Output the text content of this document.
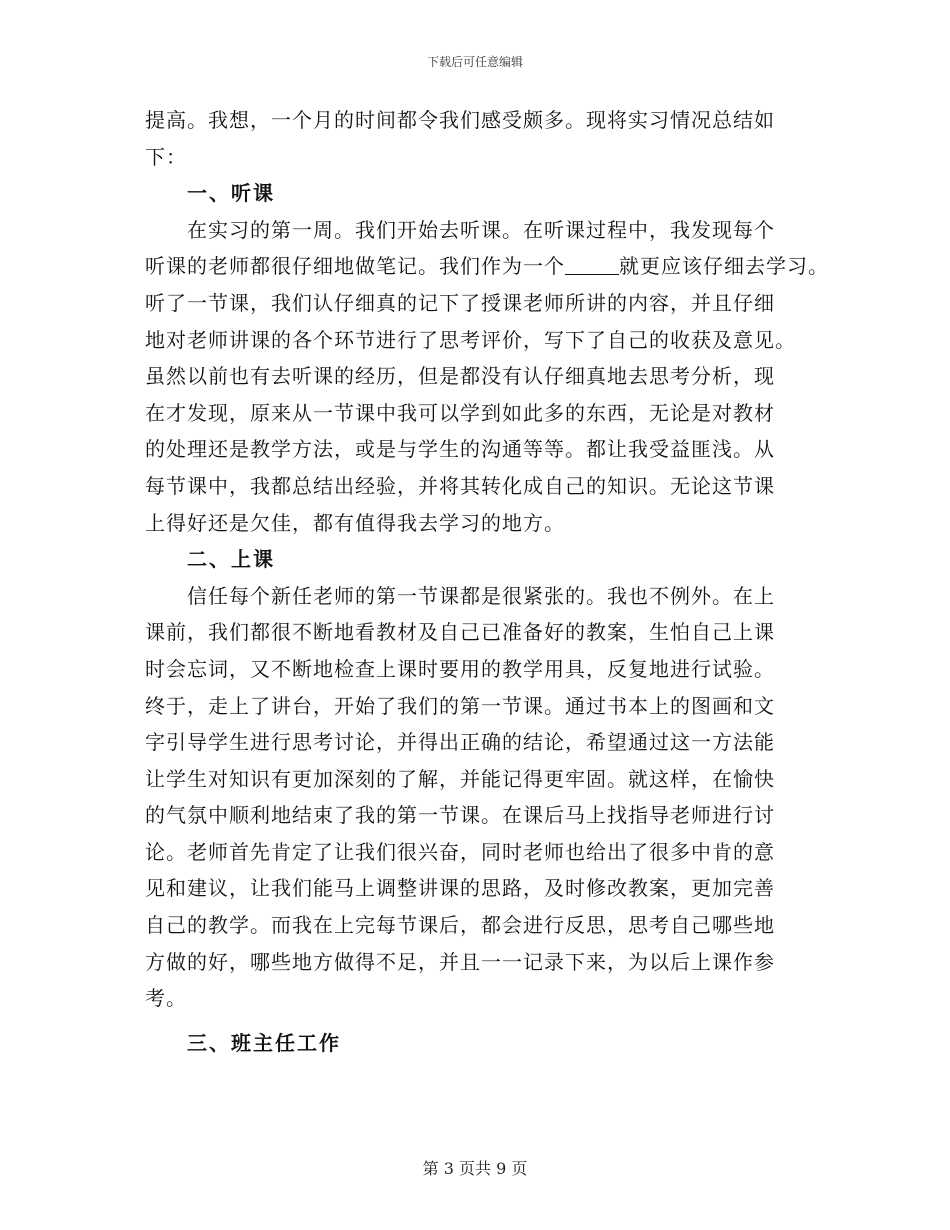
下载后可任意编辑
提高。我想，一个月的时间都令我们感受颇多。现将实习情况总结如
下：
一、听课
在实习的第一周。我们开始去听课。在听课过程中，我发现每个
听课的老师都很仔细地做笔记。我们作为一个	就更应该仔细去学习。
听了一节课，我们认仔细真的记下了授课老师所讲的内容，并且仔细
地对老师讲课的各个环节进行了思考评价，写下了自己的收获及意见。
虽然以前也有去听课的经历，但是都没有认仔细真地去思考分析，现
在才发现，原来从一节课中我可以学到如此多的东西，无论是对教材
的处理还是教学方法，或是与学生的沟通等等。都让我受益匪浅。从
每节课中，我都总结出经验，并将其转化成自己的知识。无论这节课
上得好还是欠佳，都有值得我去学习的地方。
二、上课
信任每个新任老师的第一节课都是很紧张的。我也不例外。在上
课前，我们都很不断地看教材及自己已准备好的教案，生怕自己上课
时会忘词，又不断地检查上课时要用的教学用具，反复地进行试验。
终于，走上了讲台，开始了我们的第一节课。通过书本上的图画和文
字引导学生进行思考讨论，并得出正确的结论，希望通过这一方法能
让学生对知识有更加深刻的了解，并能记得更牢固。就这样，在愉快
的气氛中顺利地结束了我的第一节课。在课后马上找指导老师进行讨
论。老师首先肯定了让我们很兴奋，同时老师也给出了很多中肯的意
见和建议，让我们能马上调整讲课的思路，及时修改教案，更加完善
自己的教学。而我在上完每节课后，都会进行反思，思考自己哪些地
方做的好，哪些地方做得不足，并且一一记录下来，为以后上课作参
考。
三、班主任工作
第 3 页共 9 页
